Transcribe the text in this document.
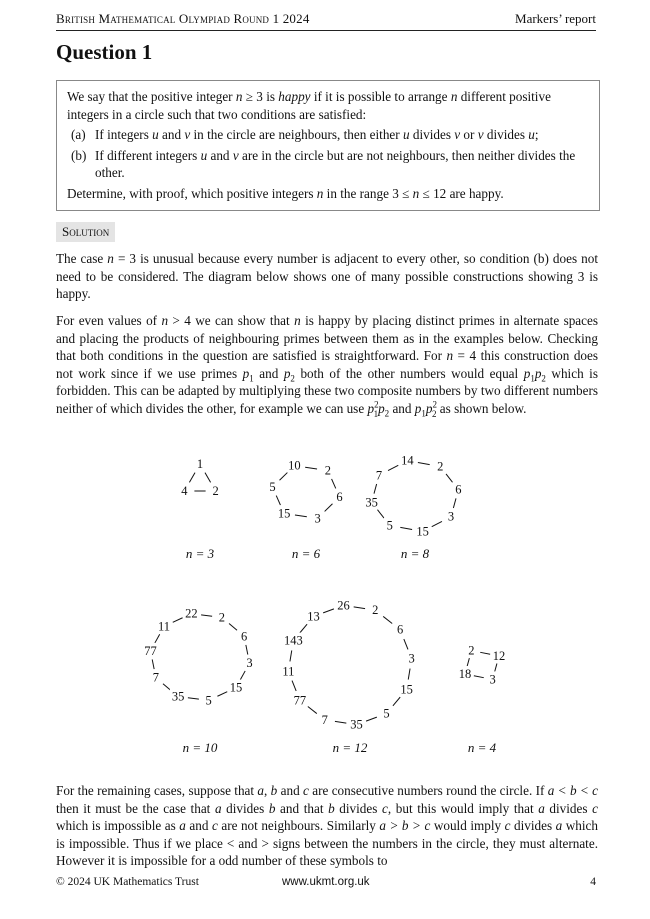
British Mathematical Olympiad Round 1 2024	Markers’ report
Question 1

We say that the positive integer n ≥ 3 is happy if it is possible to arrange n different positive integers in a circle such that two conditions are satisfied:

(a) If integers u and v in the circle are neighbours, then either u divides v or v divides u;

(b) If different integers u and v are in the circle but are not neighbours, then neither divides the other.

Determine, with proof, which positive integers n in the range 3 ≤ n ≤ 12 are happy.

Solution

The case n = 3 is unusual because every number is adjacent to every other, so condition (b) does not need to be considered. The diagram below shows one of many possible constructions showing 3 is happy.

For even values of n > 4 we can show that n is happy by placing distinct primes in alternate spaces and placing the products of neighbouring primes between them as in the examples below. Checking that both conditions in the question are satisfied is straightforward. For n = 4 this construction does not work since if we use primes $p_1$ and $p_2$ both of the other numbers would equal $p_1p_2$ which is forbidden. This can be adapted by multiplying these two composite numbers by two different numbers neither of which divides the other, for example we can use $p^2_1p_2$ and $p_1p^2_2$ as shown below.

1
2
4
n = 3
10 2
6
3
15
5
n = 6
14 2
6
3
15
5
35
7
n = 8
22 2
6
3
15
5
35
7
77
11
n = 10
26 2
6
3
15
5
35
7
77
11
143
13
n = 12
2 12
3
18
n = 4

For the remaining cases, suppose that a, b and c are consecutive numbers round the circle. If a < b < c then it must be the case that a divides b and that b divides c, but this would imply that a divides c which is impossible as a and c are not neighbours. Similarly a > b > c would imply c divides a which is impossible. Thus if we place < and > signs between the numbers in the circle, they must alternate. However it is impossible for a odd number of these symbols to

© 2024 UK Mathematics Trust	www.ukmt.org.uk	4
